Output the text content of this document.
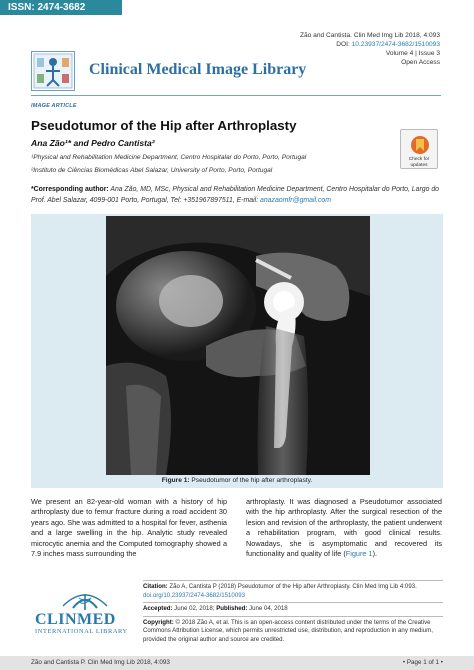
ISSN: 2474-3682
Zão and Cantista. Clin Med Img Lib 2018, 4:093
DOI: 10.23937/2474-3682/1510093
Volume 4 | Issue 3
Open Access
Clinical Medical Image Library
IMAGE ARTICLE
Pseudotumor of the Hip after Arthroplasty
Ana Zão¹* and Pedro Cantista²
¹Physical and Rehabilitation Medicine Department, Centro Hospitalar do Porto, Porto, Portugal
²Instituto de Ciências Biomédicas Abel Salazar, University of Porto, Porto, Portugal
Check for updates
*Corresponding author: Ana Zão, MD, MSc, Physical and Rehabilitation Medicine Department, Centro Hospitalar do Porto, Largo do Prof. Abel Salazar, 4099-001 Porto, Portugal, Tel: +351967897511, E-mail: anazaomfr@gmail.com
Figure 1: Pseudotumor of the hip after arthroplasty.
We present an 82-year-old woman with a history of hip arthroplasty due to femur fracture during a road accident 30 years ago. She was admitted to a hospital for fever, asthenia and a large swelling in the hip. Analytic study revealed microcytic anemia and the Computed tomography showed a 7.9 inches mass surrounding the
arthroplasty. It was diagnosed a Pseudotumor associated with the hip arthroplasty. After the surgical resection of the lesion and revision of the arthroplasty, the patient underwent a rehabilitation program, with good clinical results. Nowadays, she is asymptomatic and recovered its functionality and quality of life (Figure 1).
Citation: Zão A, Cantista P (2018) Pseudotumor of the Hip after Arthroplasty. Clin Med Img Lib 4:093. doi.org/10.23937/2474-3682/1510093
Accepted: June 02, 2018; Published: June 04, 2018
Copyright: © 2018 Zão A, et al. This is an open-access content distributed under the terms of the Creative Commons Attribution License, which permits unrestricted use, distribution, and reproduction in any medium, provided the original author and source are credited.
CLINMED
INTERNATIONAL LIBRARY
Zão and Cantista P. Clin Med Img Lib 2018, 4:093	• Page 1 of 1 •
